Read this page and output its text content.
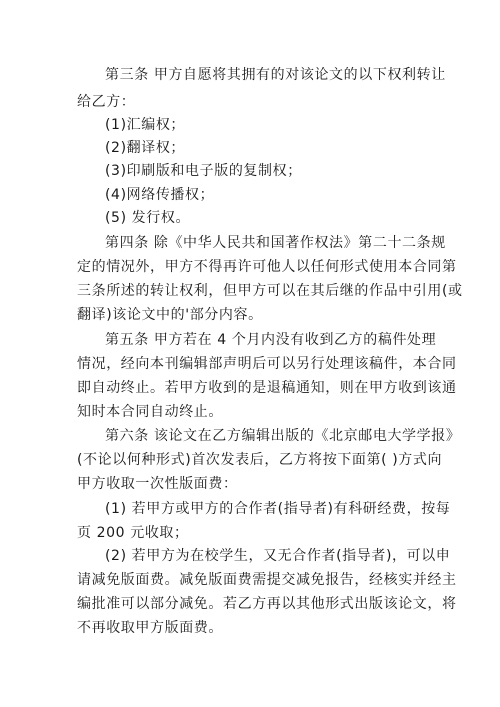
第三条 甲方自愿将其拥有的对该论文的以下权利转让
给乙方：
(1)汇编权；
(2)翻译权；
(3)印刷版和电子版的复制权；
(4)网络传播权；
(5) 发行权。
第四条 除《中华人民共和国著作权法》第二十二条规
定的情况外，甲方不得再许可他人以任何形式使用本合同第
三条所述的转让权利，但甲方可以在其后继的作品中引用(或
翻译)该论文中的'部分内容。
第五条 甲方若在 4 个月内没有收到乙方的稿件处理
情况，经向本刊编辑部声明后可以另行处理该稿件，本合同
即自动终止。若甲方收到的是退稿通知，则在甲方收到该通
知时本合同自动终止。
第六条 该论文在乙方编辑出版的《北京邮电大学学报》
(不论以何种形式)首次发表后，乙方将按下面第( )方式向
甲方收取一次性版面费：
(1) 若甲方或甲方的合作者(指导者)有科研经费，按每
页 200 元收取；
(2) 若甲方为在校学生，又无合作者(指导者)，可以申
请减免版面费。减免版面费需提交减免报告，经核实并经主
编批准可以部分减免。若乙方再以其他形式出版该论文，将
不再收取甲方版面费。
